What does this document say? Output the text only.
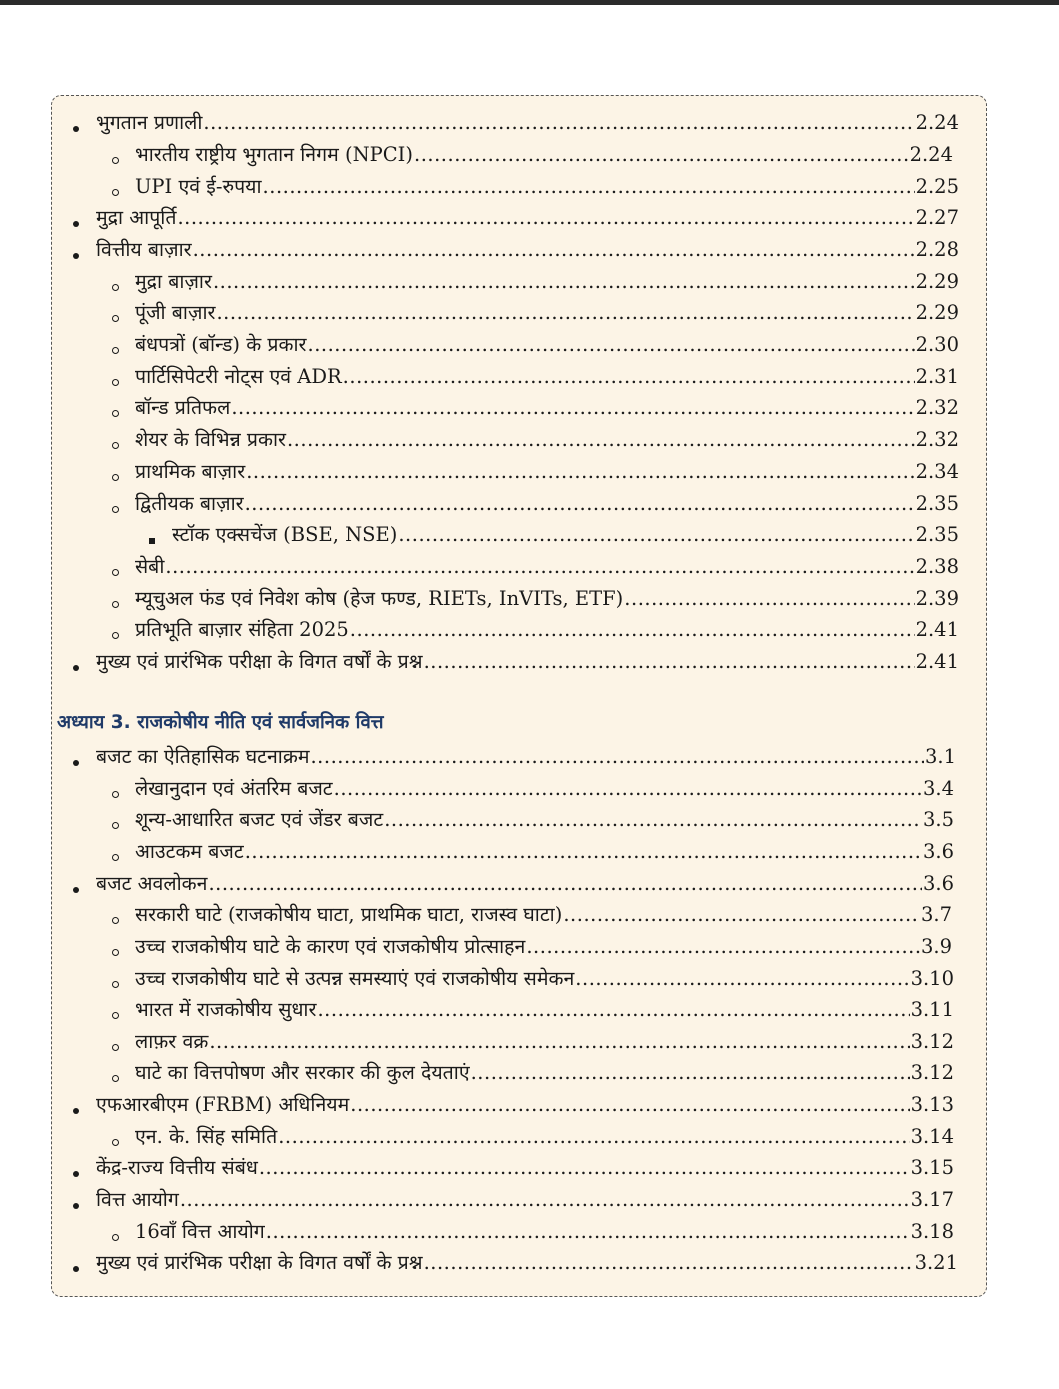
अध्याय 3. राजकोषीय नीति एवं सार्वजनिक वित्त
भुगतान प्रणाली .....	2.24
भारतीय राष्ट्रीय भुगतान निगम (NPCI) .....	2.24
UPI एवं ई-रुपया .....	2.25
मुद्रा आपूर्ति .....	2.27
वित्तीय बाज़ार .....	2.28
मुद्रा बाज़ार .....	2.29
पूंजी बाज़ार .....	2.29
बंधपत्रों (बॉन्ड) के प्रकार .....	2.30
पार्टिसिपेटरी नोट्स एवं ADR .....	2.31
बॉन्ड प्रतिफल .....	2.32
शेयर के विभिन्न प्रकार .....	2.32
प्राथमिक बाज़ार .....	2.34
द्वितीयक बाज़ार .....	2.35
स्टॉक एक्सचेंज (BSE, NSE) .....	2.35
सेबी .....	2.38
म्यूचुअल फंड एवं निवेश कोष (हेज फण्ड, RIETs, InVITs, ETF) .....	2.39
प्रतिभूति बाज़ार संहिता 2025 .....	2.41
मुख्य एवं प्रारंभिक परीक्षा के विगत वर्षों के प्रश्न .....	2.41
बजट का ऐतिहासिक घटनाक्रम .....	3.1
लेखानुदान एवं अंतरिम बजट .....	3.4
शून्य-आधारित बजट एवं जेंडर बजट .....	3.5
आउटकम बजट .....	3.6
बजट अवलोकन .....	3.6
सरकारी घाटे (राजकोषीय घाटा, प्राथमिक घाटा, राजस्व घाटा) .....	3.7
उच्च राजकोषीय घाटे के कारण एवं राजकोषीय प्रोत्साहन .....	3.9
उच्च राजकोषीय घाटे से उत्पन्न समस्याएं एवं राजकोषीय समेकन .....	3.10
भारत में राजकोषीय सुधार .....	3.11
लाफ़र वक्र .....	3.12
घाटे का वित्तपोषण और सरकार की कुल देयताएं .....	3.12
एफआरबीएम (FRBM) अधिनियम .....	3.13
एन. के. सिंह समिति .....	3.14
केंद्र-राज्य वित्तीय संबंध .....	3.15
वित्त आयोग .....	3.17
16वाँ वित्त आयोग .....	3.18
मुख्य एवं प्रारंभिक परीक्षा के विगत वर्षों के प्रश्न .....	3.21
